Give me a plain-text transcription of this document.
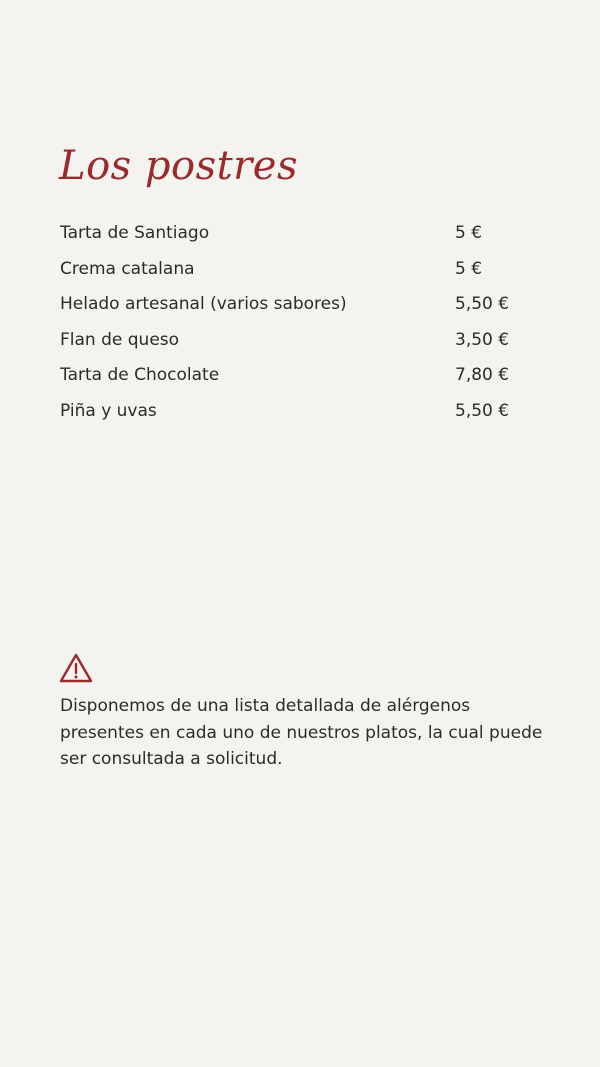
Los postres
Tarta de Santiago	5 €
Crema catalana	5 €
Helado artesanal (varios sabores)	5,50 €
Flan de queso	3,50 €
Tarta de Chocolate	7,80 €
Piña y uvas	5,50 €

Disponemos de una lista detallada de alérgenos presentes en cada uno de nuestros platos, la cual puede ser consultada a solicitud.
